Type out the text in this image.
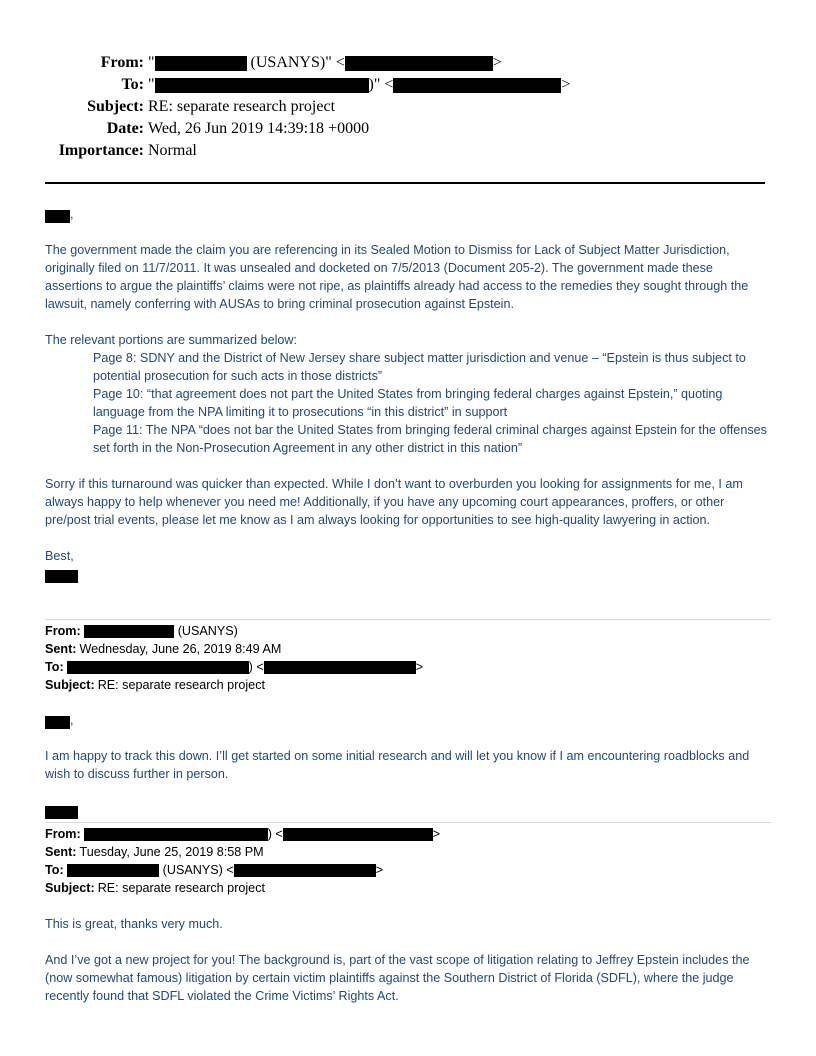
From: "	(USANYS)" <	>
To: "	)" <	>
Subject: RE: separate research project
Date: Wed, 26 Jun 2019 14:39:18 +0000
Importance: Normal
,

The government made the claim you are referencing in its Sealed Motion to Dismiss for Lack of Subject Matter Jurisdiction, originally filed on 11/7/2011. It was unsealed and docketed on 7/5/2013 (Document 205-2). The government made these assertions to argue the plaintiffs’ claims were not ripe, as plaintiffs already had access to the remedies they sought through the lawsuit, namely conferring with AUSAs to bring criminal prosecution against Epstein.

The relevant portions are summarized below:

Page 8: SDNY and the District of New Jersey share subject matter jurisdiction and venue – “Epstein is thus subject to potential prosecution for such acts in those districts”

Page 10: “that agreement does not part the United States from bringing federal charges against Epstein,” quoting language from the NPA limiting it to prosecutions “in this district” in support

Page 11: The NPA “does not bar the United States from bringing federal criminal charges against Epstein for the offenses set forth in the Non-Prosecution Agreement in any other district in this nation”

Sorry if this turnaround was quicker than expected. While I don’t want to overburden you looking for assignments for me, I am always happy to help whenever you need me! Additionally, if you have any upcoming court appearances, proffers, or other pre/post trial events, please let me know as I am always looking for opportunities to see high-quality lawyering in action.

Best,

From:	(USANYS)
Sent: Wednesday, June 26, 2019 8:49 AM
To:	) <	>
Subject: RE: separate research project
,

I am happy to track this down. I’ll get started on some initial research and will let you know if I am encountering roadblocks and wish to discuss further in person.

From:	) <	>
Sent: Tuesday, June 25, 2019 8:58 PM
To:	(USANYS) <	>
Subject: RE: separate research project

This is great, thanks very much.

And I’ve got a new project for you! The background is, part of the vast scope of litigation relating to Jeffrey Epstein includes the (now somewhat famous) litigation by certain victim plaintiffs against the Southern District of Florida (SDFL), where the judge recently found that SDFL violated the Crime Victims’ Rights Act.
